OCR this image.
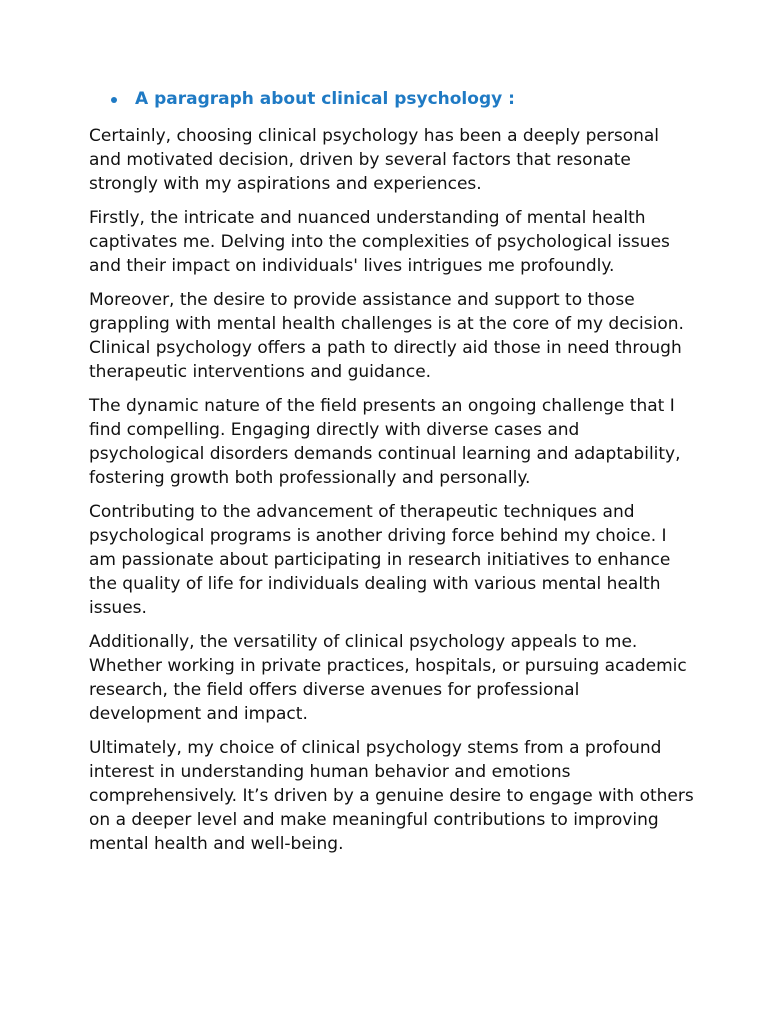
A paragraph about clinical psychology :

Certainly, choosing clinical psychology has been a deeply personal and motivated decision, driven by several factors that resonate strongly with my aspirations and experiences.

Firstly, the intricate and nuanced understanding of mental health captivates me. Delving into the complexities of psychological issues and their impact on individuals' lives intrigues me profoundly.

Moreover, the desire to provide assistance and support to those grappling with mental health challenges is at the core of my decision. Clinical psychology offers a path to directly aid those in need through therapeutic interventions and guidance.

The dynamic nature of the field presents an ongoing challenge that I find compelling. Engaging directly with diverse cases and psychological disorders demands continual learning and adaptability, fostering growth both professionally and personally.

Contributing to the advancement of therapeutic techniques and psychological programs is another driving force behind my choice. I am passionate about participating in research initiatives to enhance the quality of life for individuals dealing with various mental health issues.

Additionally, the versatility of clinical psychology appeals to me. Whether working in private practices, hospitals, or pursuing academic research, the field offers diverse avenues for professional development and impact.

Ultimately, my choice of clinical psychology stems from a profound interest in understanding human behavior and emotions comprehensively. It’s driven by a genuine desire to engage with others on a deeper level and make meaningful contributions to improving mental health and well-being.
